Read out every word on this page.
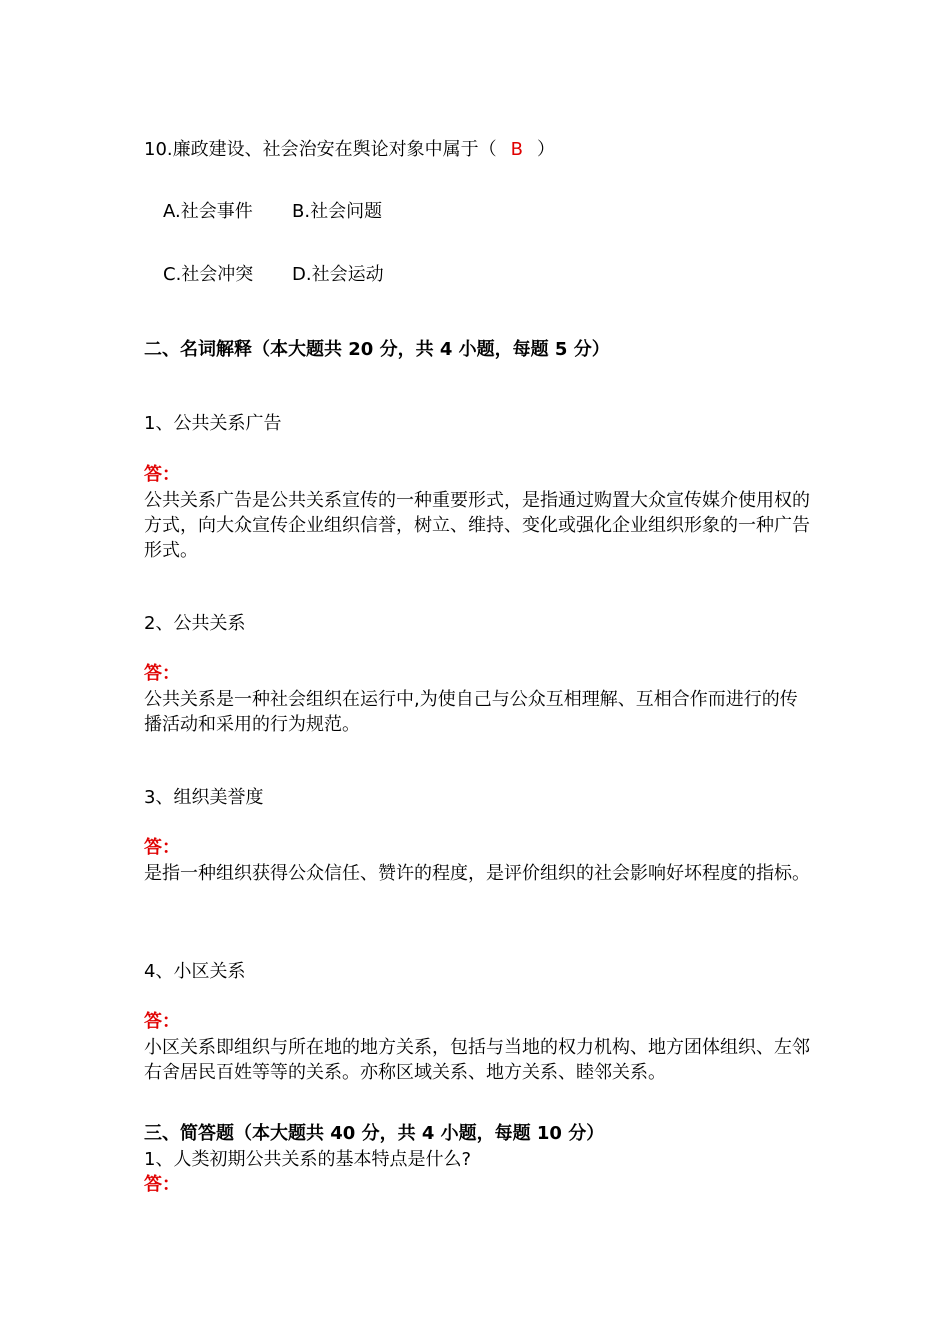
10.廉政建设、社会治安在舆论对象中属于（ B ）
A.社会事件 B.社会问题
C.社会冲突 D.社会运动
二、名词解释（本大题共 20 分，共 4 小题，每题 5 分）
1、公共关系广告
答：
公共关系广告是公共关系宣传的一种重要形式，是指通过购置大众宣传媒介使用权的方式，向大众宣传企业组织信誉，树立、维持、变化或强化企业组织形象的一种广告形式。
2、公共关系
答：
公共关系是一种社会组织在运行中,为使自己与公众互相理解、互相合作而进行的传播活动和采用的行为规范。
3、组织美誉度
答：
是指一种组织获得公众信任、赞许的程度，是评价组织的社会影响好坏程度的指标。
4、小区关系
答：
小区关系即组织与所在地的地方关系，包括与当地的权力机构、地方团体组织、左邻右舍居民百姓等等的关系。亦称区域关系、地方关系、睦邻关系。
三、简答题（本大题共 40 分，共 4 小题，每题 10 分）
1、人类初期公共关系的基本特点是什么?
答：
